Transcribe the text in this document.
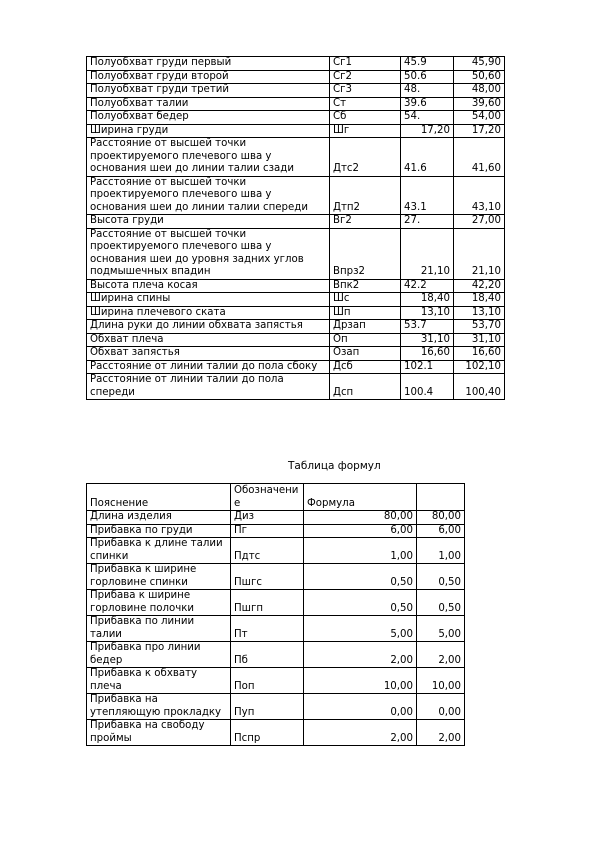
Полуобхват груди первый	Сг1	45.9	45,90
Полуобхват груди второй	Сг2	50.6	50,60
Полуобхват груди третий	Сг3	48.	48,00
Полуобхват талии	Ст	39.6	39,60
Полуобхват бедер	Сб	54.	54,00
Ширина груди	Шг	17,20	17,20
Расстояние от высшей точки проектируемого плечевого шва у основания шеи до линии талии сзади	Дтс2	41.6	41,60
Расстояние от высшей точки проектируемого плечевого шва у основания шеи до линии талии спереди	Дтп2	43.1	43,10
Высота груди	Вг2	27.	27,00
Расстояние от высшей точки проектируемого плечевого шва у основания шеи до уровня задних углов подмышечных впадин	Впрз2	21,10	21,10
Высота плеча косая	Впк2	42.2	42,20
Ширина спины	Шс	18,40	18,40
Ширина плечевого ската	Шп	13,10	13,10
Длина руки до линии обхвата запястья	Дрзап	53.7	53,70
Обхват плеча	Оп	31,10	31,10
Обхват запястья	Озап	16,60	16,60
Расстояние от линии талии до пола сбоку	Дсб	102.1	102,10
Расстояние от линии талии до пола спереди	Дсп	100.4	100,40
Таблица формул
Пояснение	Обозначение	Формула	
Длина изделия	Диз	80,00	80,00
Прибавка по груди	Пг	6,00	6,00
Прибавка к длине талии спинки	Пдтс	1,00	1,00
Прибавка к ширине горловине спинки	Пшгс	0,50	0,50
Прибава к ширине горловине полочки	Пшгп	0,50	0,50
Прибавка по линии талии	Пт	5,00	5,00
Прибавка про линии бедер	Пб	2,00	2,00
Прибавка к обхвату плеча	Поп	10,00	10,00
Прибавка на утепляющую прокладку	Пуп	0,00	0,00
Прибавка на свободу проймы	Пспр	2,00	2,00
